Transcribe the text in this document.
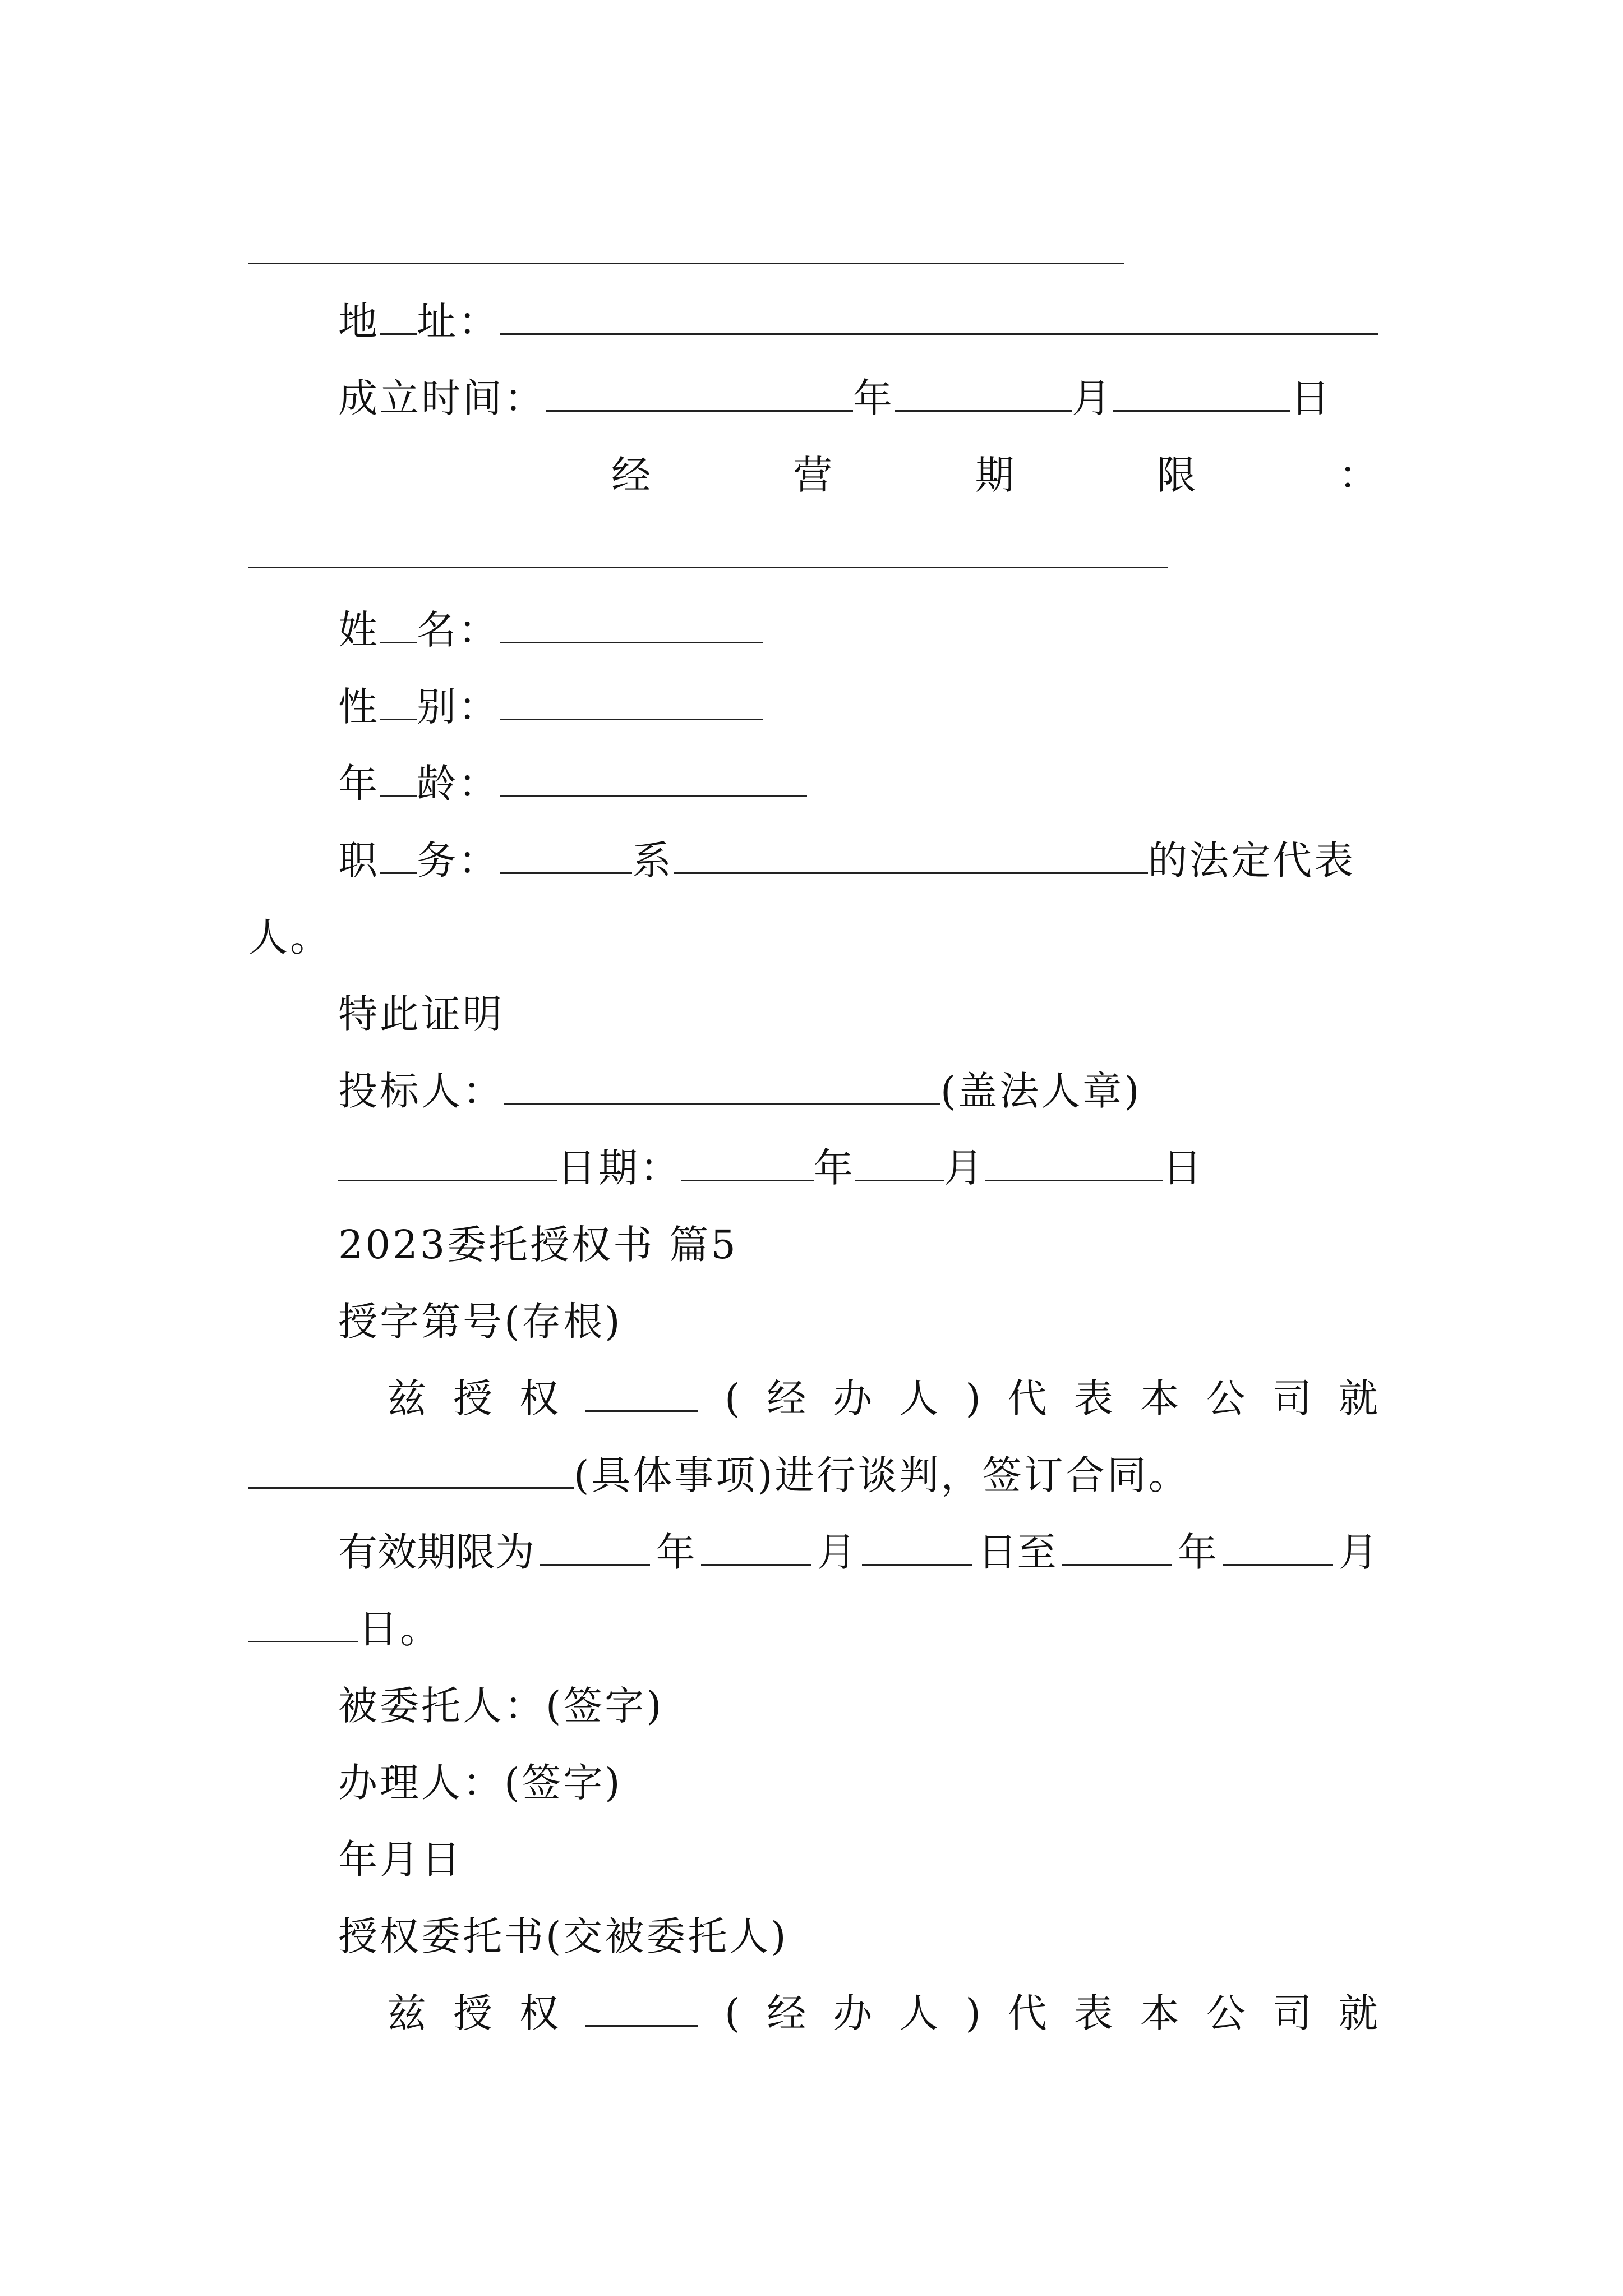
地 址：
成立时间：	年	月	日
经	营	期	限	：
姓 名：
性 别：
年 龄：
职 务：	系	的法定代表
人。
特此证明
投标人：	(盖法人章)
日期：	年 月	日
2023委托授权书 篇5
授字第号(存根)
兹 授 权	( 经 办 人 ) 代 表 本 公 司 就
(具体事项)进行谈判，签订合同。
有效期限为	年	月	日至	年	月
日。
被委托人：(签字)
办理人：(签字)
年月日
授权委托书(交被委托人)
兹 授 权	( 经 办 人 ) 代 表 本 公 司 就
